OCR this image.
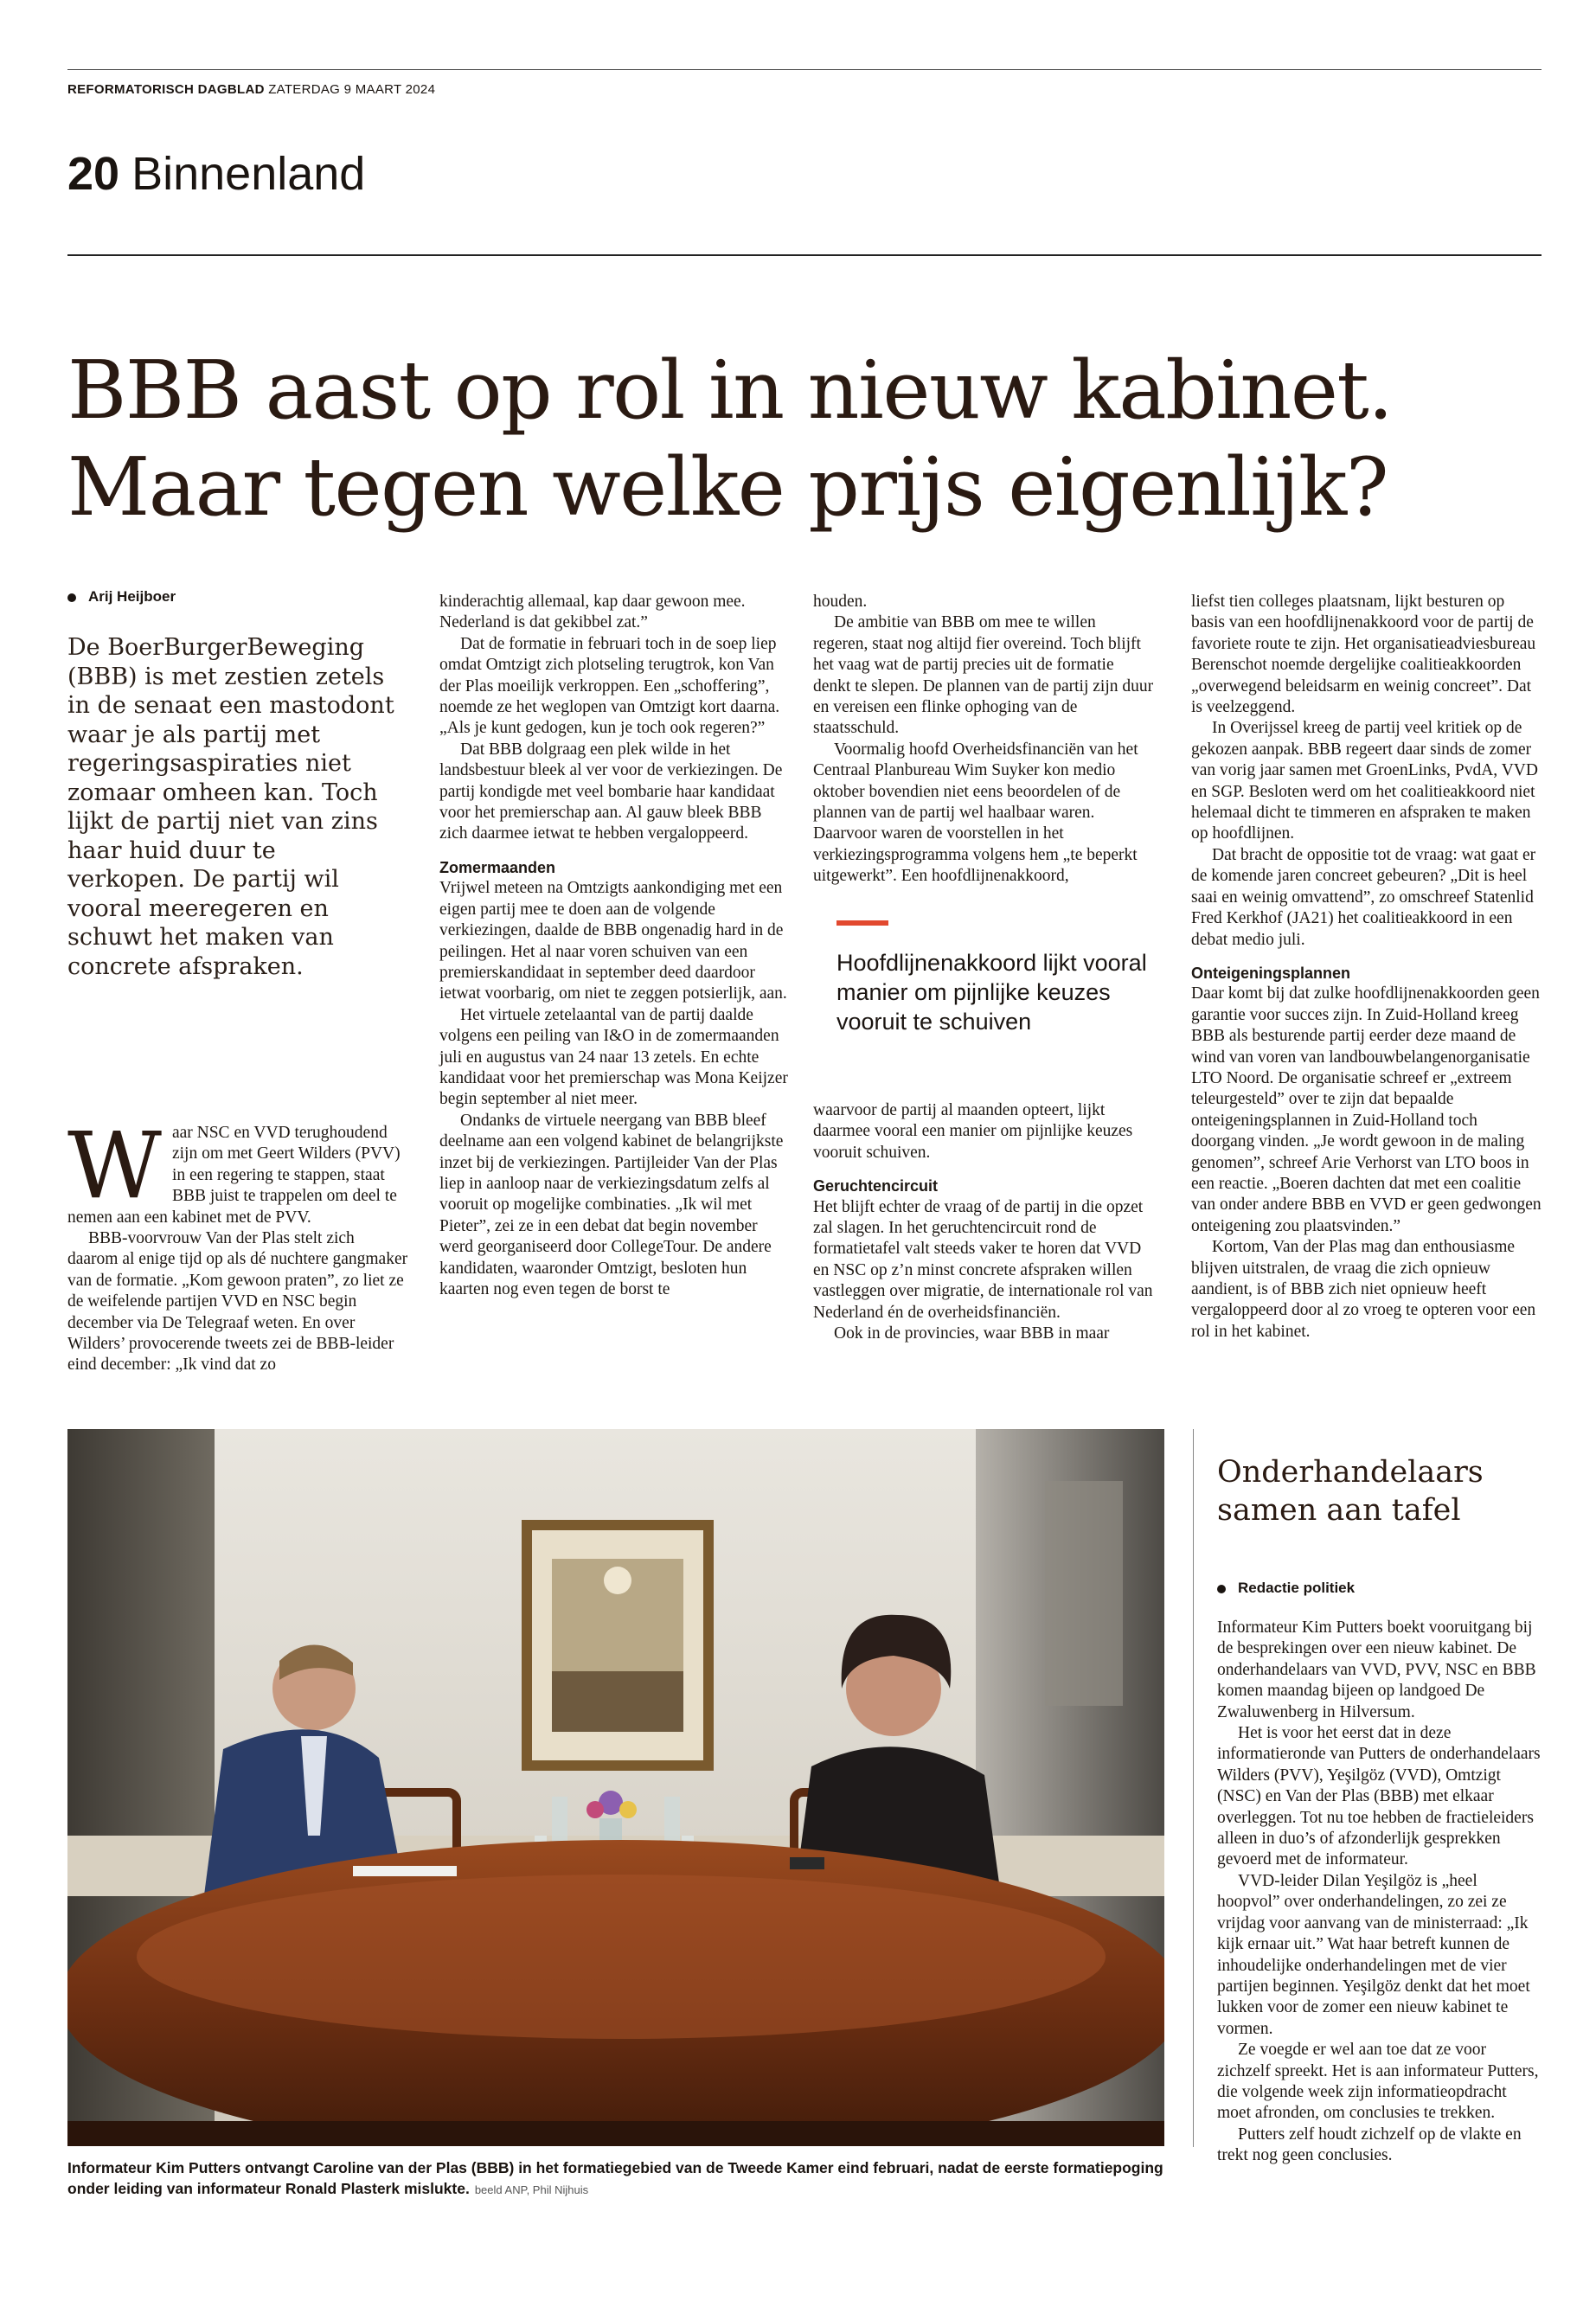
REFORMATORISCH DAGBLAD ZATERDAG 9 MAART 2024
20 Binnenland
BBB aast op rol in nieuw kabinet.
Maar tegen welke prijs eigenlijk?
Arij Heijboer
De BoerBurgerBeweging (BBB) is met zestien zetels in de senaat een mastodont waar je als partij met regeringsaspiraties niet zomaar omheen kan. Toch lijkt de partij niet van zins haar huid duur te verkopen. De partij wil vooral meeregeren en schuwt het maken van concrete afspraken.

Waar NSC en VVD terughoudend zijn om met Geert Wilders (PVV) in een regering te stappen, staat BBB juist te trappelen om deel te nemen aan een kabinet met de PVV.

BBB-voorvrouw Van der Plas stelt zich daarom al enige tijd op als dé nuchtere gangmaker van de formatie. „Kom gewoon praten”, zo liet ze de weifelende partijen VVD en NSC begin december via De Telegraaf weten. En over Wilders’ provocerende tweets zei de BBB-leider eind december: „Ik vind dat zo

kinderachtig allemaal, kap daar gewoon mee. Nederland is dat gekibbel zat.”

Dat de formatie in februari toch in de soep liep omdat Omtzigt zich plotseling terugtrok, kon Van der Plas moeilijk verkroppen. Een „schoffering”, noemde ze het weglopen van Omtzigt kort daarna. „Als je kunt gedogen, kun je toch ook regeren?”

Dat BBB dolgraag een plek wilde in het landsbestuur bleek al ver voor de verkiezingen. De partij kondigde met veel bombarie haar kandidaat voor het premierschap aan. Al gauw bleek BBB zich daarmee ietwat te hebben vergaloppeerd.

Zomermaanden

Vrijwel meteen na Omtzigts aankondiging met een eigen partij mee te doen aan de volgende verkiezingen, daalde de BBB ongenadig hard in de peilingen. Het al naar voren schuiven van een premierskandidaat in september deed daardoor ietwat voorbarig, om niet te zeggen potsierlijk, aan.

Het virtuele zetelaantal van de partij daalde volgens een peiling van I&O in de zomermaanden juli en augustus van 24 naar 13 zetels. En echte kandidaat voor het premierschap was Mona Keijzer begin september al niet meer.

Ondanks de virtuele neergang van BBB bleef deelname aan een volgend kabinet de belangrijkste inzet bij de verkiezingen. Partijleider Van der Plas liep in aanloop naar de verkiezingsdatum zelfs al vooruit op mogelijke combinaties. „Ik wil met Pieter”, zei ze in een debat dat begin november werd georganiseerd door CollegeTour. De andere kandidaten, waaronder Omtzigt, besloten hun kaarten nog even tegen de borst te

houden.

De ambitie van BBB om mee te willen regeren, staat nog altijd fier overeind. Toch blijft het vaag wat de partij precies uit de formatie denkt te slepen. De plannen van de partij zijn duur en vereisen een flinke ophoging van de staatsschuld.

Voormalig hoofd Overheidsfinanciën van het Centraal Planbureau Wim Suyker kon medio oktober bovendien niet eens beoordelen of de plannen van de partij wel haalbaar waren. Daarvoor waren de voorstellen in het verkiezingsprogramma volgens hem „te beperkt uitgewerkt”. Een hoofdlijnenakkoord,

Hoofdlijnenakkoord lijkt vooral manier om pijnlijke keuzes vooruit te schuiven

waarvoor de partij al maanden opteert, lijkt daarmee vooral een manier om pijnlijke keuzes vooruit schuiven.

Geruchtencircuit

Het blijft echter de vraag of de partij in die opzet zal slagen. In het geruchtencircuit rond de formatietafel valt steeds vaker te horen dat VVD en NSC op z’n minst concrete afspraken willen vastleggen over migratie, de internationale rol van Nederland én de overheidsfinanciën.

Ook in de provincies, waar BBB in maar

liefst tien colleges plaatsnam, lijkt besturen op basis van een hoofdlijnenakkoord voor de partij de favoriete route te zijn. Het organisatieadviesbureau Berenschot noemde dergelijke coalitieakkoorden „overwegend beleidsarm en weinig concreet”. Dat is veelzeggend.

In Overijssel kreeg de partij veel kritiek op de gekozen aanpak. BBB regeert daar sinds de zomer van vorig jaar samen met GroenLinks, PvdA, VVD en SGP. Besloten werd om het coalitieakkoord niet helemaal dicht te timmeren en afspraken te maken op hoofdlijnen.

Dat bracht de oppositie tot de vraag: wat gaat er de komende jaren concreet gebeuren? „Dit is heel saai en weinig omvattend”, zo omschreef Statenlid Fred Kerkhof (JA21) het coalitieakkoord in een debat medio juli.

Onteigeningsplannen

Daar komt bij dat zulke hoofdlijnenakkoorden geen garantie voor succes zijn. In Zuid-Holland kreeg BBB als besturende partij eerder deze maand de wind van voren van landbouwbelangenorganisatie LTO Noord. De organisatie schreef er „extreem teleurgesteld” over te zijn dat bepaalde onteigeningsplannen in Zuid-Holland toch doorgang vinden. „Je wordt gewoon in de maling genomen”, schreef Arie Verhorst van LTO boos in een reactie. „Boeren dachten dat met een coalitie van onder andere BBB en VVD er geen gedwongen onteigening zou plaatsvinden.”

Kortom, Van der Plas mag dan enthousiasme blijven uitstralen, de vraag die zich opnieuw aandient, is of BBB zich niet opnieuw heeft vergaloppeerd door al zo vroeg te opteren voor een rol in het kabinet.

Informateur Kim Putters ontvangt Caroline van der Plas (BBB) in het formatiegebied van de Tweede Kamer eind februari, nadat de eerste formatiepoging onder leiding van informateur Ronald Plasterk mislukte. beeld ANP, Phil Nijhuis
Onderhandelaars samen aan tafel
Redactie politiek

Informateur Kim Putters boekt vooruitgang bij de besprekingen over een nieuw kabinet. De onderhandelaars van VVD, PVV, NSC en BBB komen maandag bijeen op landgoed De Zwaluwenberg in Hilversum.

Het is voor het eerst dat in deze informatieronde van Putters de onderhandelaars Wilders (PVV), Yeşilgöz (VVD), Omtzigt (NSC) en Van der Plas (BBB) met elkaar overleggen. Tot nu toe hebben de fractieleiders alleen in duo’s of afzonderlijk gesprekken gevoerd met de informateur.

VVD-leider Dilan Yeşilgöz is „heel hoopvol” over onderhandelingen, zo zei ze vrijdag voor aanvang van de ministerraad: „Ik kijk ernaar uit.” Wat haar betreft kunnen de inhoudelijke onderhandelingen met de vier partijen beginnen. Yeşilgöz denkt dat het moet lukken voor de zomer een nieuw kabinet te vormen.

Ze voegde er wel aan toe dat ze voor zichzelf spreekt. Het is aan informateur Putters, die volgende week zijn informatieopdracht moet afronden, om conclusies te trekken.

Putters zelf houdt zichzelf op de vlakte en trekt nog geen conclusies.
